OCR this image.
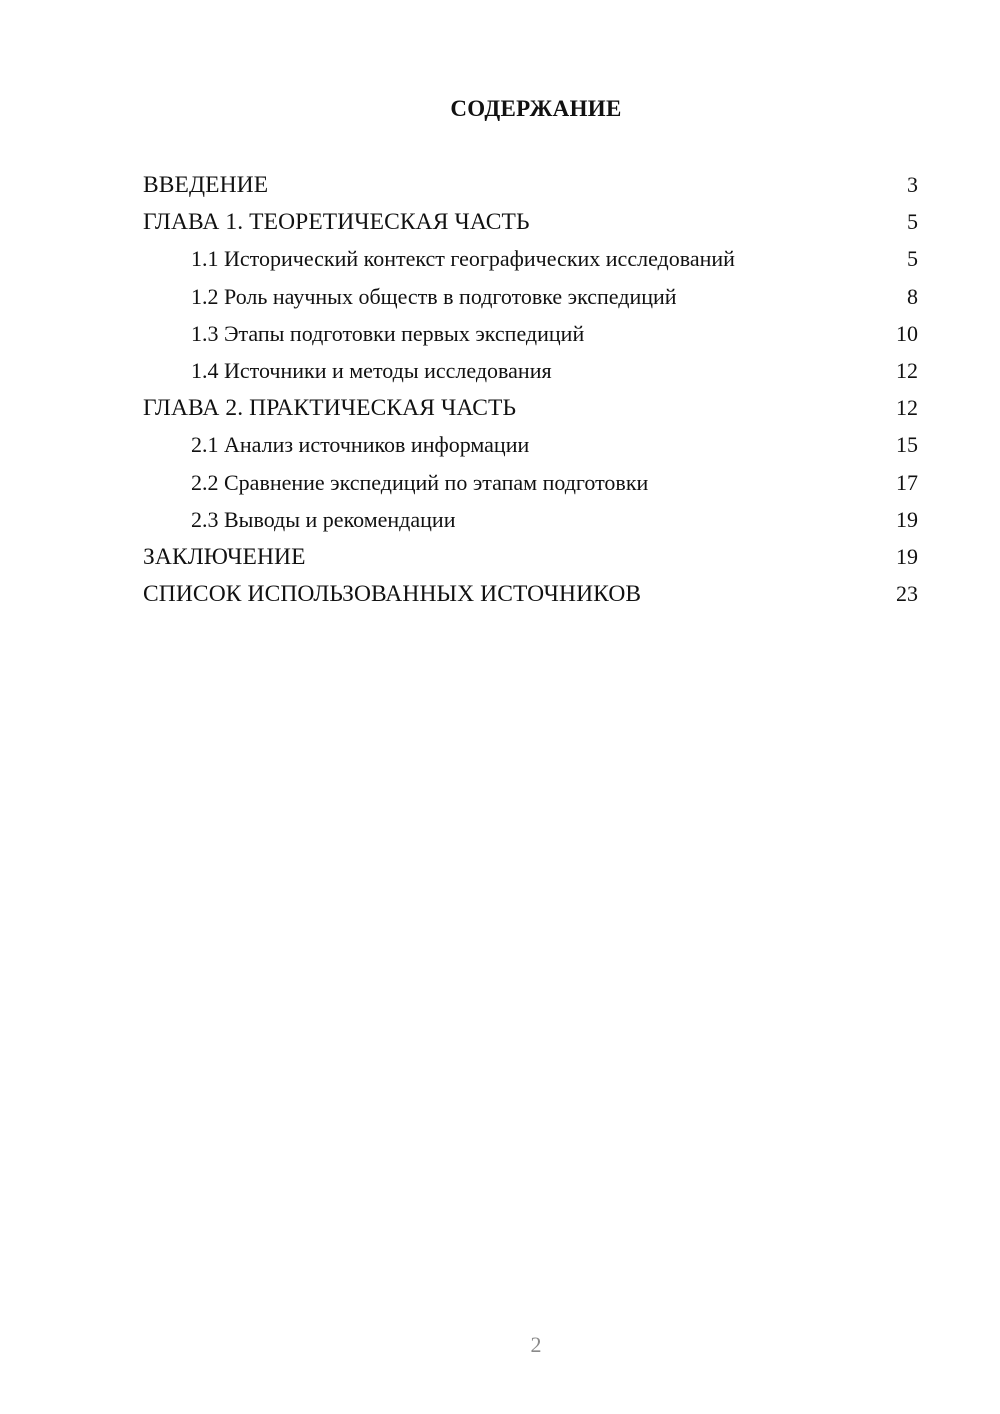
СОДЕРЖАНИЕ
ВВЕДЕНИЕ	3
ГЛАВА 1. ТЕОРЕТИЧЕСКАЯ ЧАСТЬ	5
1.1 Исторический контекст географических исследований	5
1.2 Роль научных обществ в подготовке экспедиций	8
1.3 Этапы подготовки первых экспедиций	10
1.4 Источники и методы исследования	12
ГЛАВА 2. ПРАКТИЧЕСКАЯ ЧАСТЬ	12
2.1 Анализ источников информации	15
2.2 Сравнение экспедиций по этапам подготовки	17
2.3 Выводы и рекомендации	19
ЗАКЛЮЧЕНИЕ	19
СПИСОК ИСПОЛЬЗОВАННЫХ ИСТОЧНИКОВ	23
2
